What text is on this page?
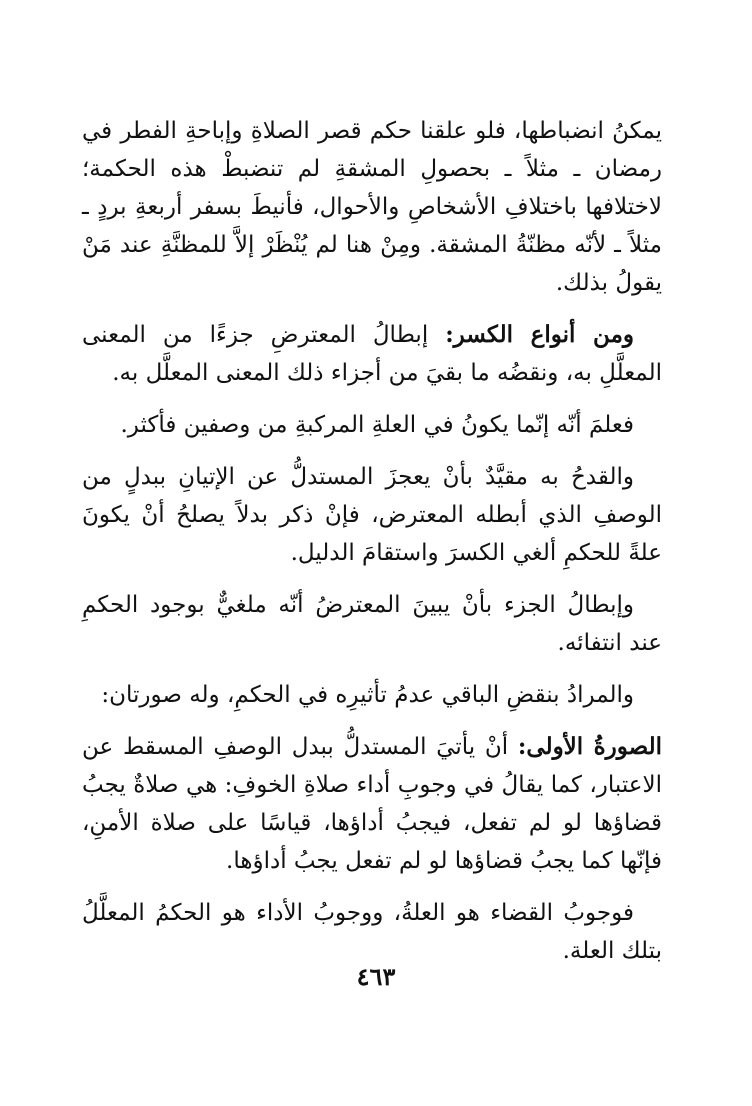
يمكنُ انضباطها، فلو علقنا حكم قصر الصلاةِ وإباحةِ الفطر في رمضان ـ مثلاً ـ بحصولِ المشقةِ لم تنضبطْ هذه الحكمة؛ لاختلافها باختلافِ الأشخاصِ والأحوال، فأنيطَ بسفر أربعةِ بردٍ ـ مثلاً ـ لأنّه مظنّةُ المشقة. ومِنْ هنا لم يُنْظَرْ إلاَّ للمظنَّةِ عند مَنْ يقولُ بذلك.

ومن أنواع الكسر: إبطالُ المعترضِ جزءًا من المعنى المعلَّلِ به، ونقضُه ما بقيَ من أجزاء ذلك المعنى المعلَّل به.

فعلمَ أنّه إنّما يكونُ في العلةِ المركبةِ من وصفين فأكثر.

والقدحُ به مقيَّدٌ بأنْ يعجزَ المستدلُّ عن الإتيانِ ببدلٍ من الوصفِ الذي أبطله المعترض، فإنْ ذكر بدلاً يصلحُ أنْ يكونَ علةً للحكمِ ألغي الكسرَ واستقامَ الدليل.

وإبطالُ الجزء بأنْ يبينَ المعترضُ أنّه ملغيٌّ بوجود الحكمِ عند انتفائه.

والمرادُ بنقضِ الباقي عدمُ تأثيرِه في الحكمِ، وله صورتان:

الصورةُ الأولى: أنْ يأتيَ المستدلُّ ببدل الوصفِ المسقط عن الاعتبار، كما يقالُ في وجوبِ أداء صلاةِ الخوفِ: هي صلاةٌ يجبُ قضاؤها لو لم تفعل، فيجبُ أداؤها، قياسًا على صلاة الأمنِ، فإنّها كما يجبُ قضاؤها لو لم تفعل يجبُ أداؤها.

فوجوبُ القضاء هو العلةُ، ووجوبُ الأداء هو الحكمُ المعلَّلُ بتلك العلة.

٤٦٣
